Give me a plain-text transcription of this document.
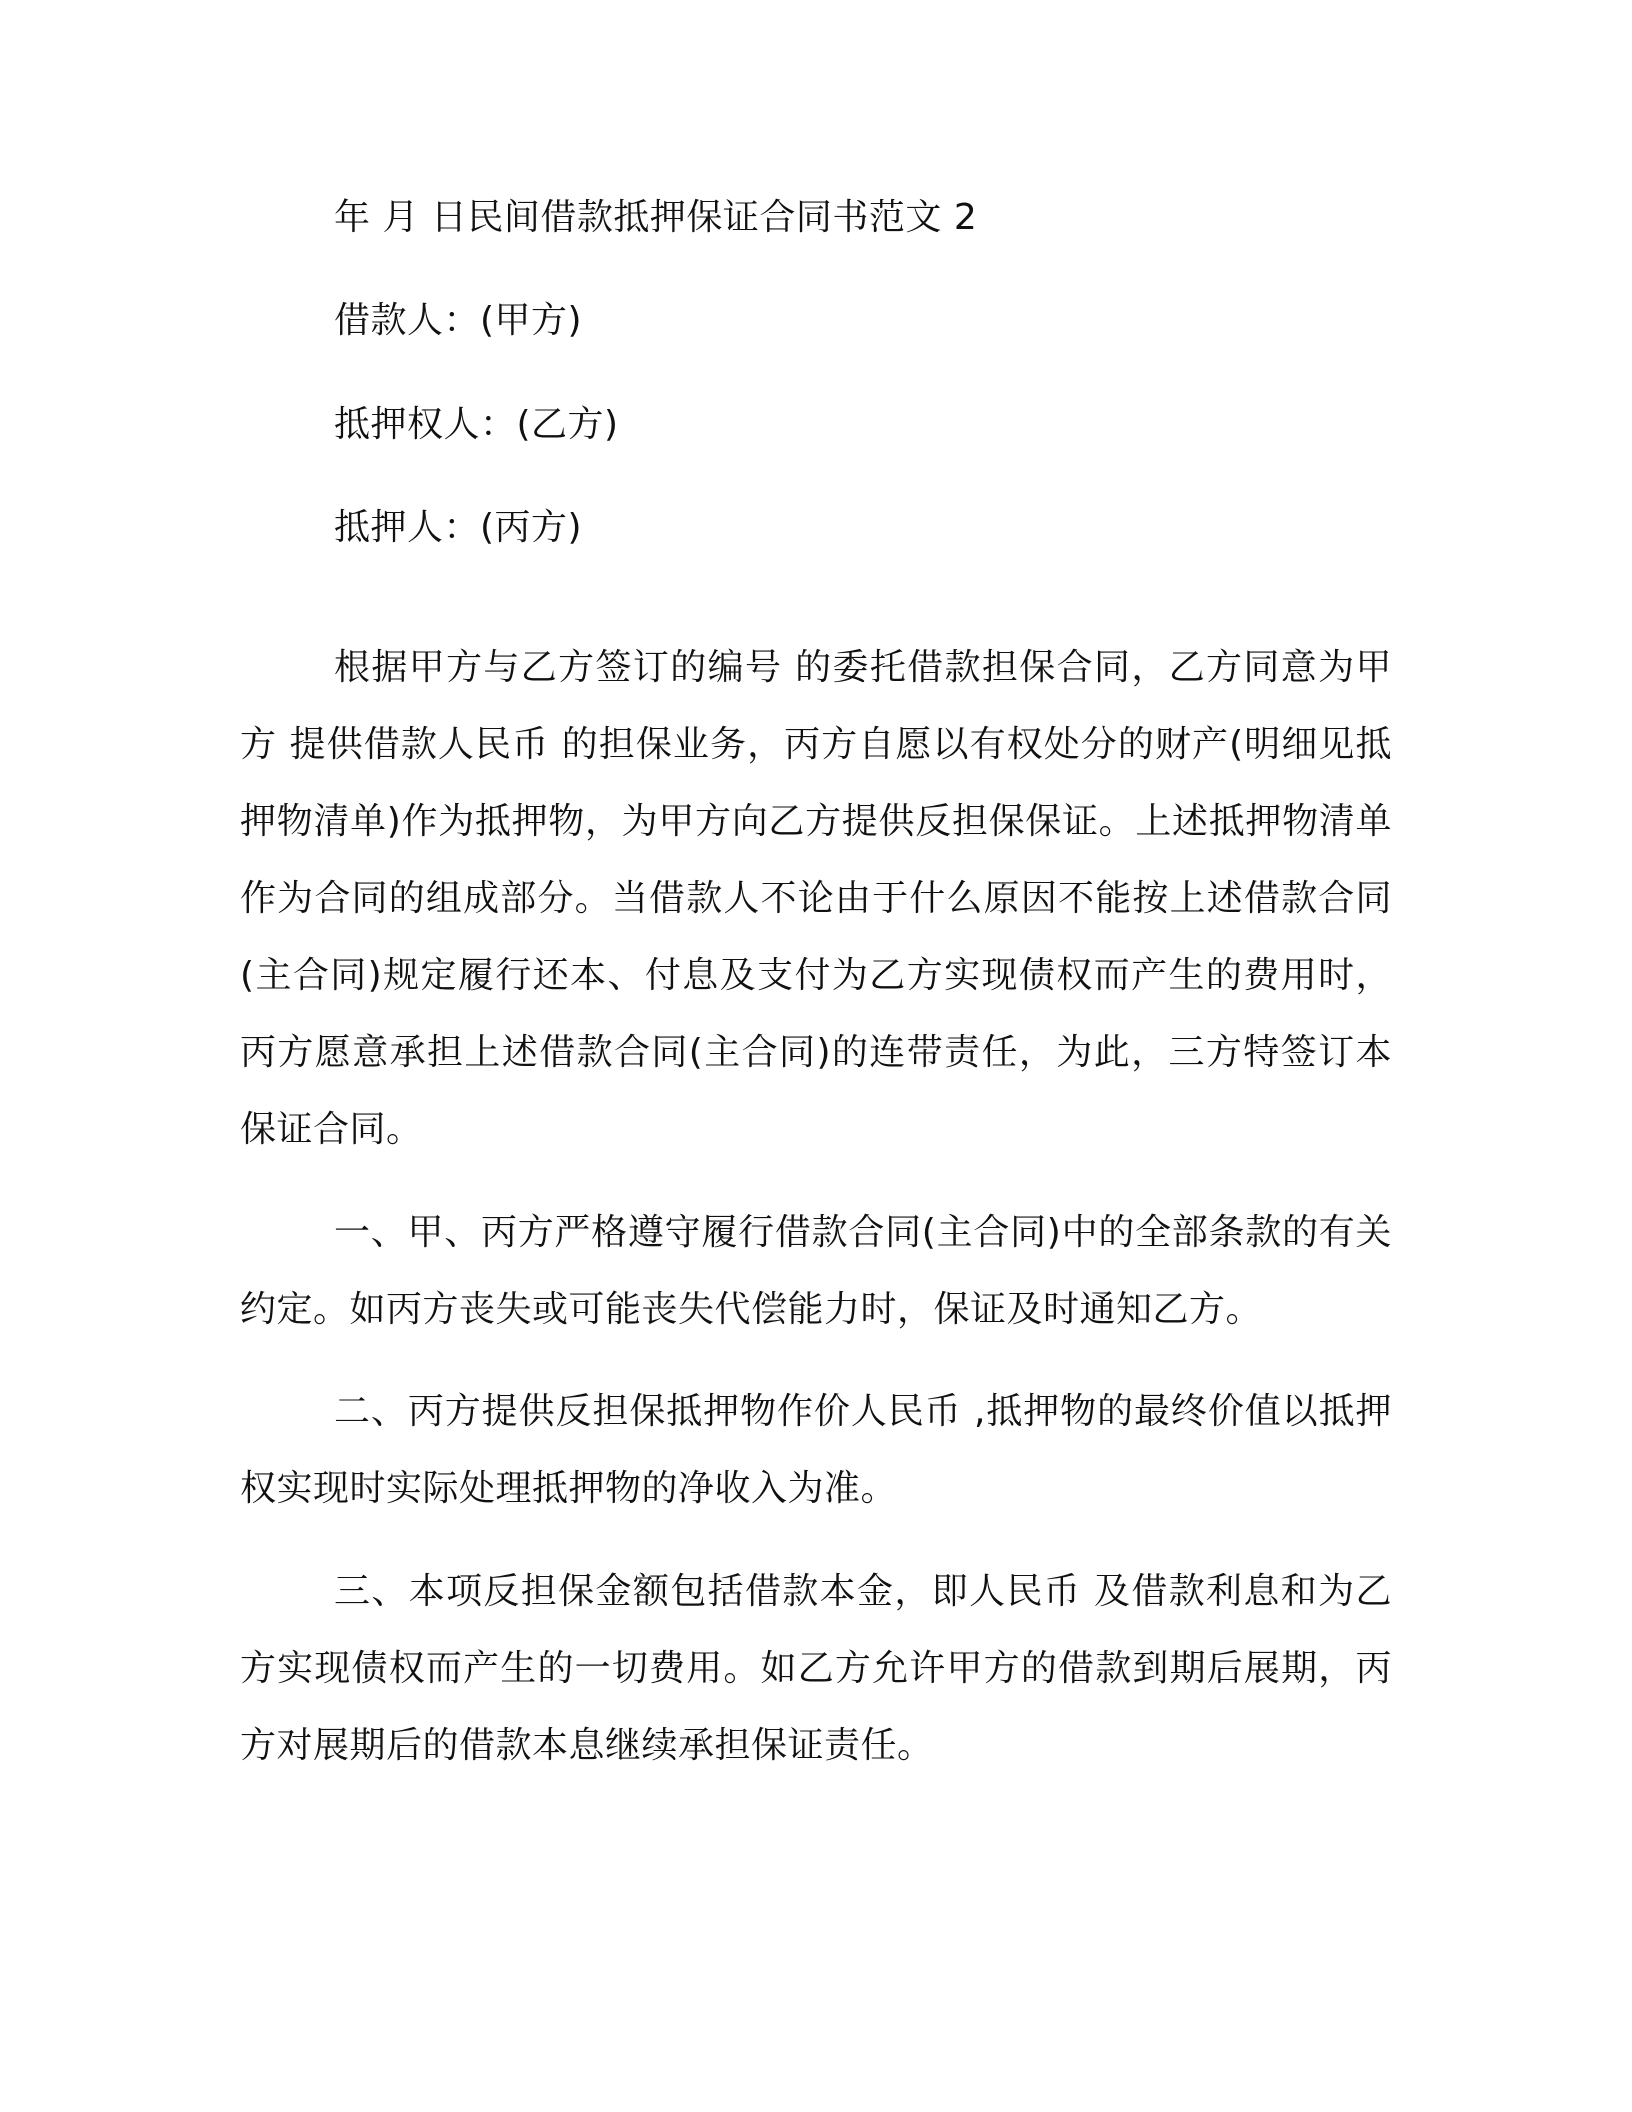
年 月 日民间借款抵押保证合同书范文 2
借款人：(甲方)
抵押权人：(乙方)
抵押人：(丙方)

根据甲方与乙方签订的编号 的委托借款担保合同，乙方同意为甲方 提供借款人民币 的担保业务，丙方自愿以有权处分的财产(明细见抵押物清单)作为抵押物，为甲方向乙方提供反担保保证。上述抵押物清单作为合同的组成部分。当借款人不论由于什么原因不能按上述借款合同(主合同)规定履行还本、付息及支付为乙方实现债权而产生的费用时，丙方愿意承担上述借款合同(主合同)的连带责任，为此，三方特签订本保证合同。

一、甲、丙方严格遵守履行借款合同(主合同)中的全部条款的有关约定。如丙方丧失或可能丧失代偿能力时，保证及时通知乙方。

二、丙方提供反担保抵押物作价人民币 ,抵押物的最终价值以抵押权实现时实际处理抵押物的净收入为准。

三、本项反担保金额包括借款本金，即人民币 及借款利息和为乙方实现债权而产生的一切费用。如乙方允许甲方的借款到期后展期，丙方对展期后的借款本息继续承担保证责任。
